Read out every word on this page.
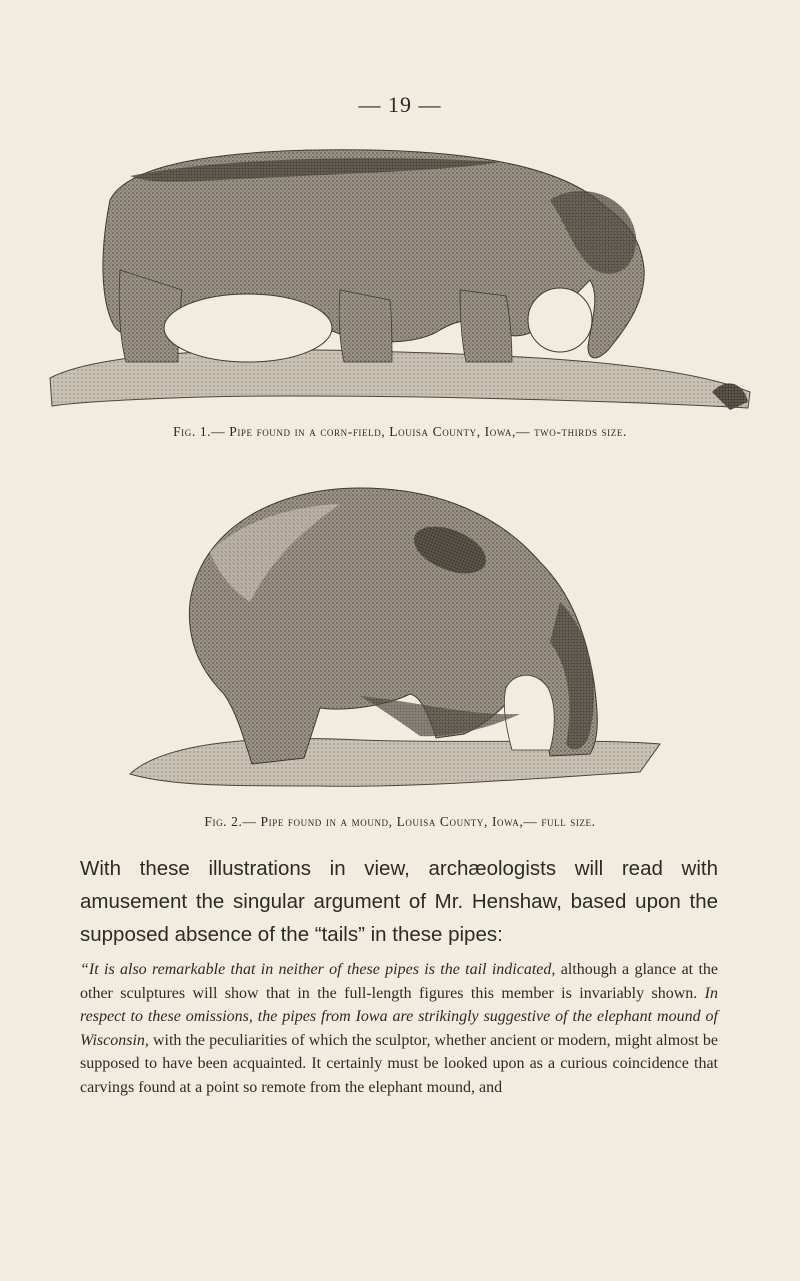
— 19 —
Fig. 1.— Pipe found in a corn-field, Louisa County, Iowa,— two-thirds size.
Fig. 2.— Pipe found in a mound, Louisa County, Iowa,— full size.

With these illustrations in view, archæologists will read with amusement the singular argument of Mr. Henshaw, based upon the supposed absence of the “tails” in these pipes:

“It is also remarkable that in neither of these pipes is the tail indicated, although a glance at the other sculptures will show that in the full-length figures this member is invariably shown. In respect to these omissions, the pipes from Iowa are strikingly suggestive of the elephant mound of Wisconsin, with the peculiarities of which the sculptor, whether ancient or modern, might almost be supposed to have been acquainted. It certainly must be looked upon as a curious coincidence that carvings found at a point so remote from the elephant mound, and
